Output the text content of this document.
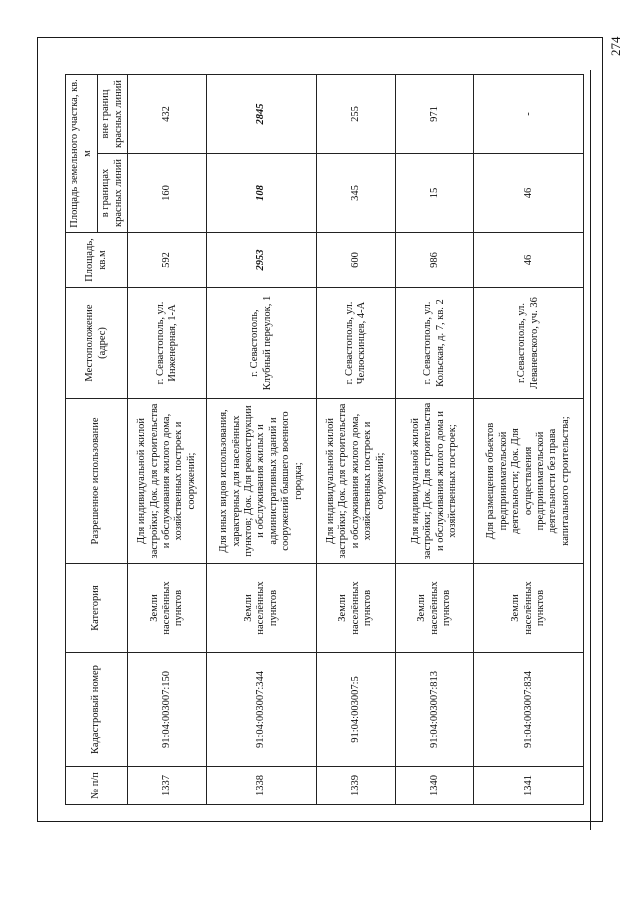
274
№ п/п	Кадастровый номер	Категория	Разрешенное использование	Местоположение (адрес)	Площадь, кв.м	Площадь земельного участка, кв. м	
						в границах красных линий	вне границ красных линий
1337	91:04:003007:150	Земли населённых пунктов	Для индивидуальной жилой застройки; Док. для строительства и обслуживания жилого дома, хозяйственных построек и сооружений;	г. Севастополь, ул. Инженерная, 1-А	592	160	432
1338	91:04:003007:344	Земли населённых пунктов	Для иных видов использования, характерных для населённых пунктов; Док. Для реконструкции и обслуживания жилых и административных зданий и сооружений бывшего военного городка;	г. Севастополь, Клубный переулок, 1	2953	108	2845
1339	91:04:003007:5	Земли населённых пунктов	Для индивидуальной жилой застройки; Док. для строительства и обслуживания жилого дома, хозяйственных построек и сооружений;	г. Севастополь, ул. Челюскинцев, 4-А	600	345	255
1340	91:04:003007:813	Земли населённых пунктов	Для индивидуальной жилой застройки; Док. Для строительства и обслуживания жилого дома и хозяйственных построек;	г. Севастополь, ул. Кольская, д. 7, кв. 2	986	15	971
1341	91:04:003007:834	Земли населённых пунктов	Для размещения объектов предпринимательской деятельности; Док. Для осуществления предпринимательской деятельности без права капитального строительства;	г.Севастополь, ул. Леваневского, уч. 36	46	46	-
